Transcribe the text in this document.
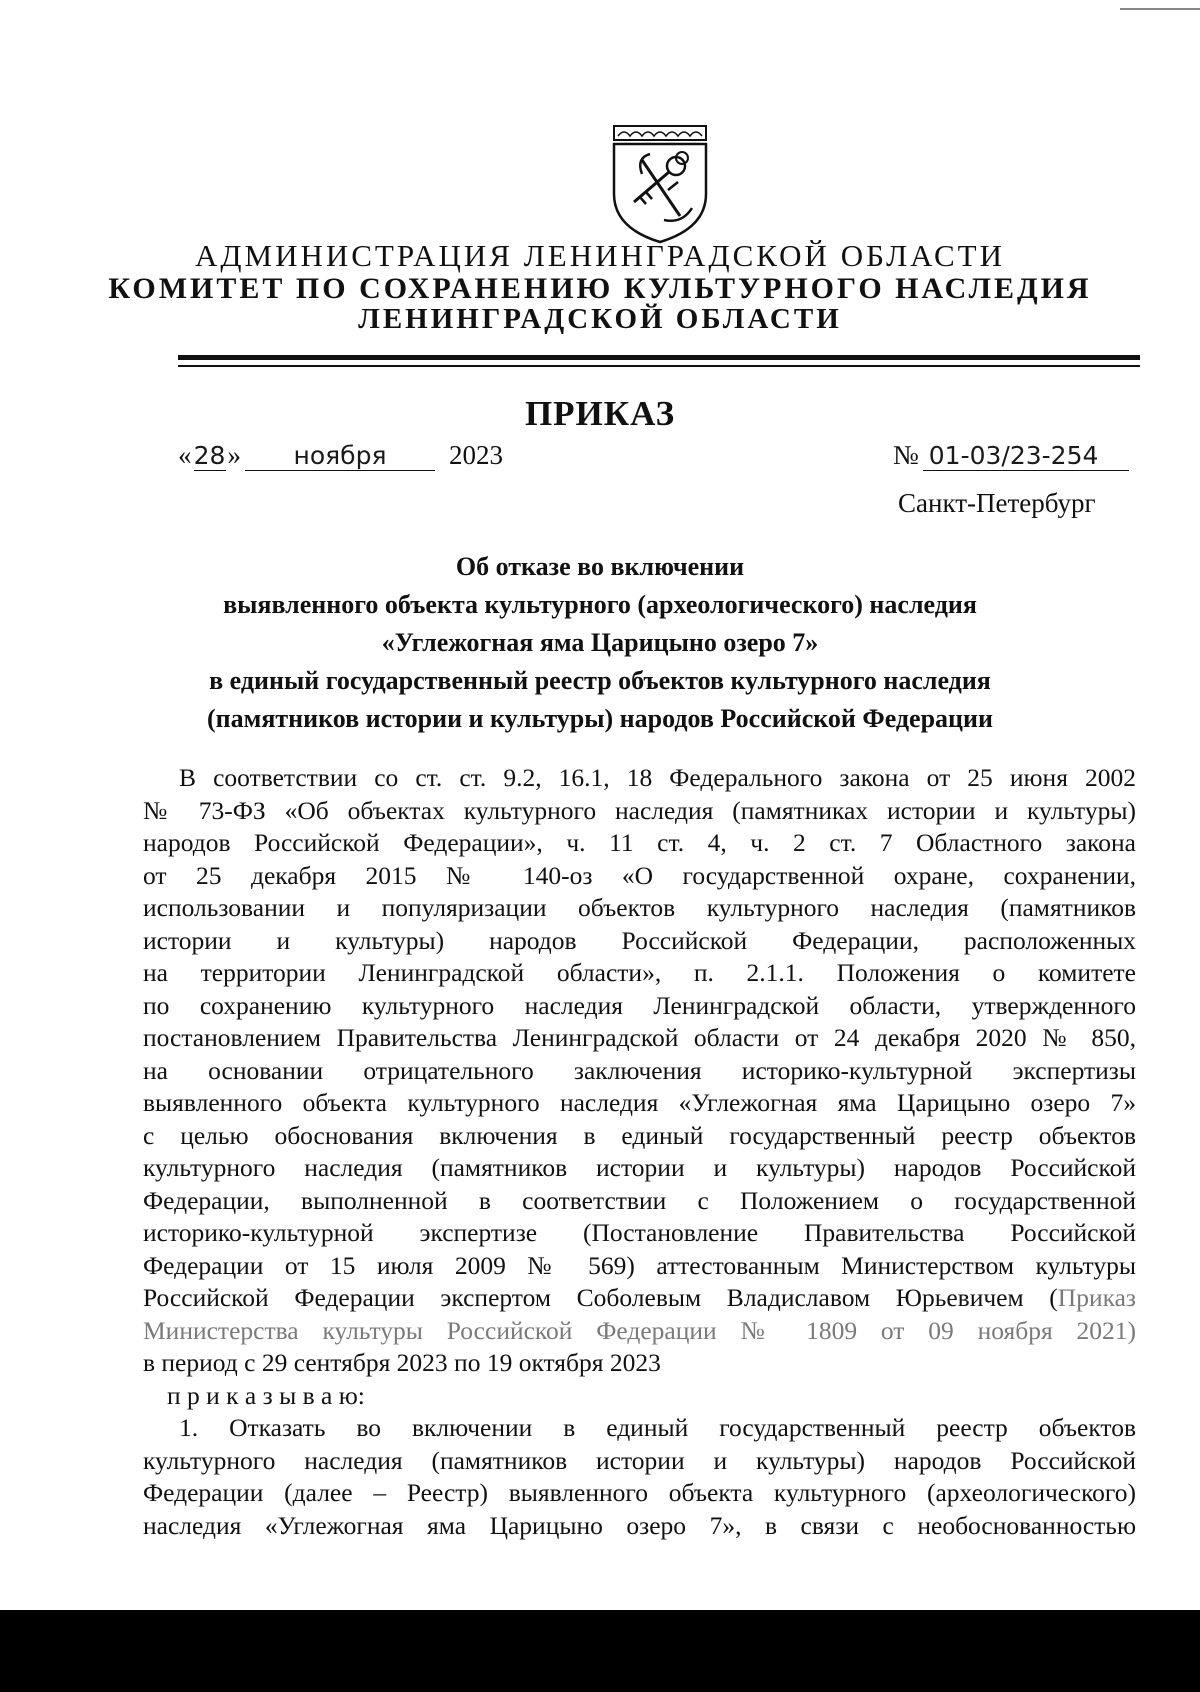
АДМИНИСТРАЦИЯ ЛЕНИНГРАДСКОЙ ОБЛАСТИ
КОМИТЕТ ПО СОХРАНЕНИЮ КУЛЬТУРНОГО НАСЛЕДИЯ
ЛЕНИНГРАДСКОЙ ОБЛАСТИ
ПРИКАЗ
«28» ноября 2023	№ 01-03/23-254
Санкт-Петербург
Об отказе во включении
выявленного объекта культурного (археологического) наследия
«Углежогная яма Царицыно озеро 7»
в единый государственный реестр объектов культурного наследия
(памятников истории и культуры) народов Российской Федерации
В соответствии со ст. ст. 9.2, 16.1, 18 Федерального закона от 25 июня 2002
№ 73-ФЗ «Об объектах культурного наследия (памятниках истории и культуры)
народов Российской Федерации», ч. 11 ст. 4, ч. 2 ст. 7 Областного закона
от 25 декабря 2015 № 140-оз «О государственной охране, сохранении,
использовании и популяризации объектов культурного наследия (памятников
истории и культуры) народов Российской Федерации, расположенных
на территории Ленинградской области», п. 2.1.1. Положения о комитете
по сохранению культурного наследия Ленинградской области, утвержденного
постановлением Правительства Ленинградской области от 24 декабря 2020 № 850,
на основании отрицательного заключения историко-культурной экспертизы
выявленного объекта культурного наследия «Углежогная яма Царицыно озеро 7»
с целью обоснования включения в единый государственный реестр объектов
культурного наследия (памятников истории и культуры) народов Российской
Федерации, выполненной в соответствии с Положением о государственной
историко-культурной экспертизе (Постановление Правительства Российской
Федерации от 15 июля 2009 № 569) аттестованным Министерством культуры
Российской Федерации экспертом Соболевым Владиславом Юрьевичем (Приказ
Министерства культуры Российской Федерации № 1809 от 09 ноября 2021)
в период с 29 сентября 2023 по 19 октября 2023
п р и к а з ы в а ю:
1. Отказать во включении в единый государственный реестр объектов
культурного наследия (памятников истории и культуры) народов Российской
Федерации (далее – Реестр) выявленного объекта культурного (археологического)
наследия «Углежогная яма Царицыно озеро 7», в связи с необоснованностью
